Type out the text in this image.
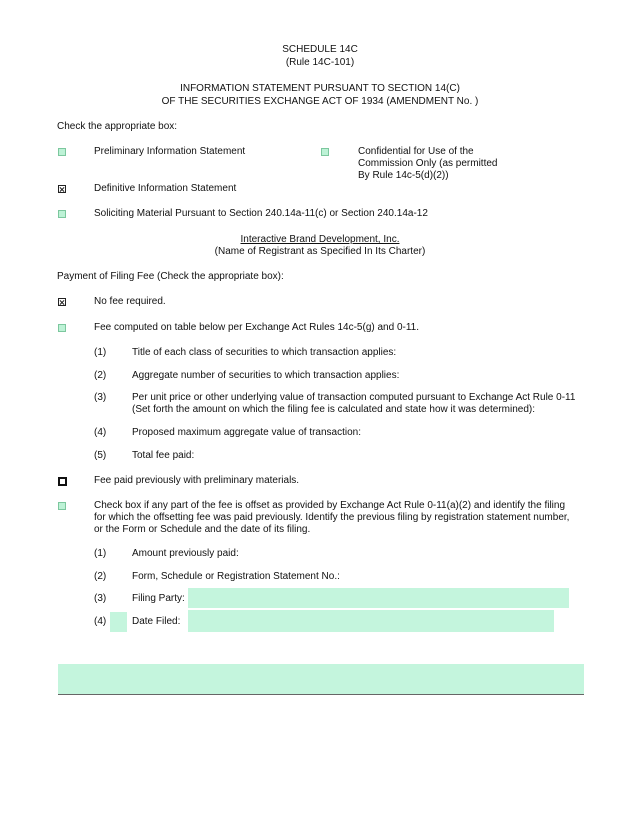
SCHEDULE 14C
(Rule 14C-101)
INFORMATION STATEMENT PURSUANT TO SECTION 14(C)
OF THE SECURITIES EXCHANGE ACT OF 1934 (AMENDMENT No. )
Check the appropriate box:
Preliminary Information Statement	Confidential for Use of the
Commission Only (as permitted
By Rule 14c-5(d)(2))
Definitive Information Statement
Soliciting Material Pursuant to Section 240.14a-11(c) or Section 240.14a-12
Interactive Brand Development, Inc.
(Name of Registrant as Specified In Its Charter)
Payment of Filing Fee (Check the appropriate box):
No fee required.
Fee computed on table below per Exchange Act Rules 14c-5(g) and 0-11.
(1)	Title of each class of securities to which transaction applies:
(2)	Aggregate number of securities to which transaction applies:
(3)	Per unit price or other underlying value of transaction computed pursuant to Exchange Act Rule 0-11 (Set forth the amount on which the filing fee is calculated and state how it was determined):
(4)	Proposed maximum aggregate value of transaction:
(5)	Total fee paid:
Fee paid previously with preliminary materials.
Check box if any part of the fee is offset as provided by Exchange Act Rule 0-11(a)(2) and identify the filing for which the offsetting fee was paid previously. Identify the previous filing by registration statement number, or the Form or Schedule and the date of its filing.
(1)	Amount previously paid:
(2)	Form, Schedule or Registration Statement No.:
(3)	Filing Party:
(4)	Date Filed:
